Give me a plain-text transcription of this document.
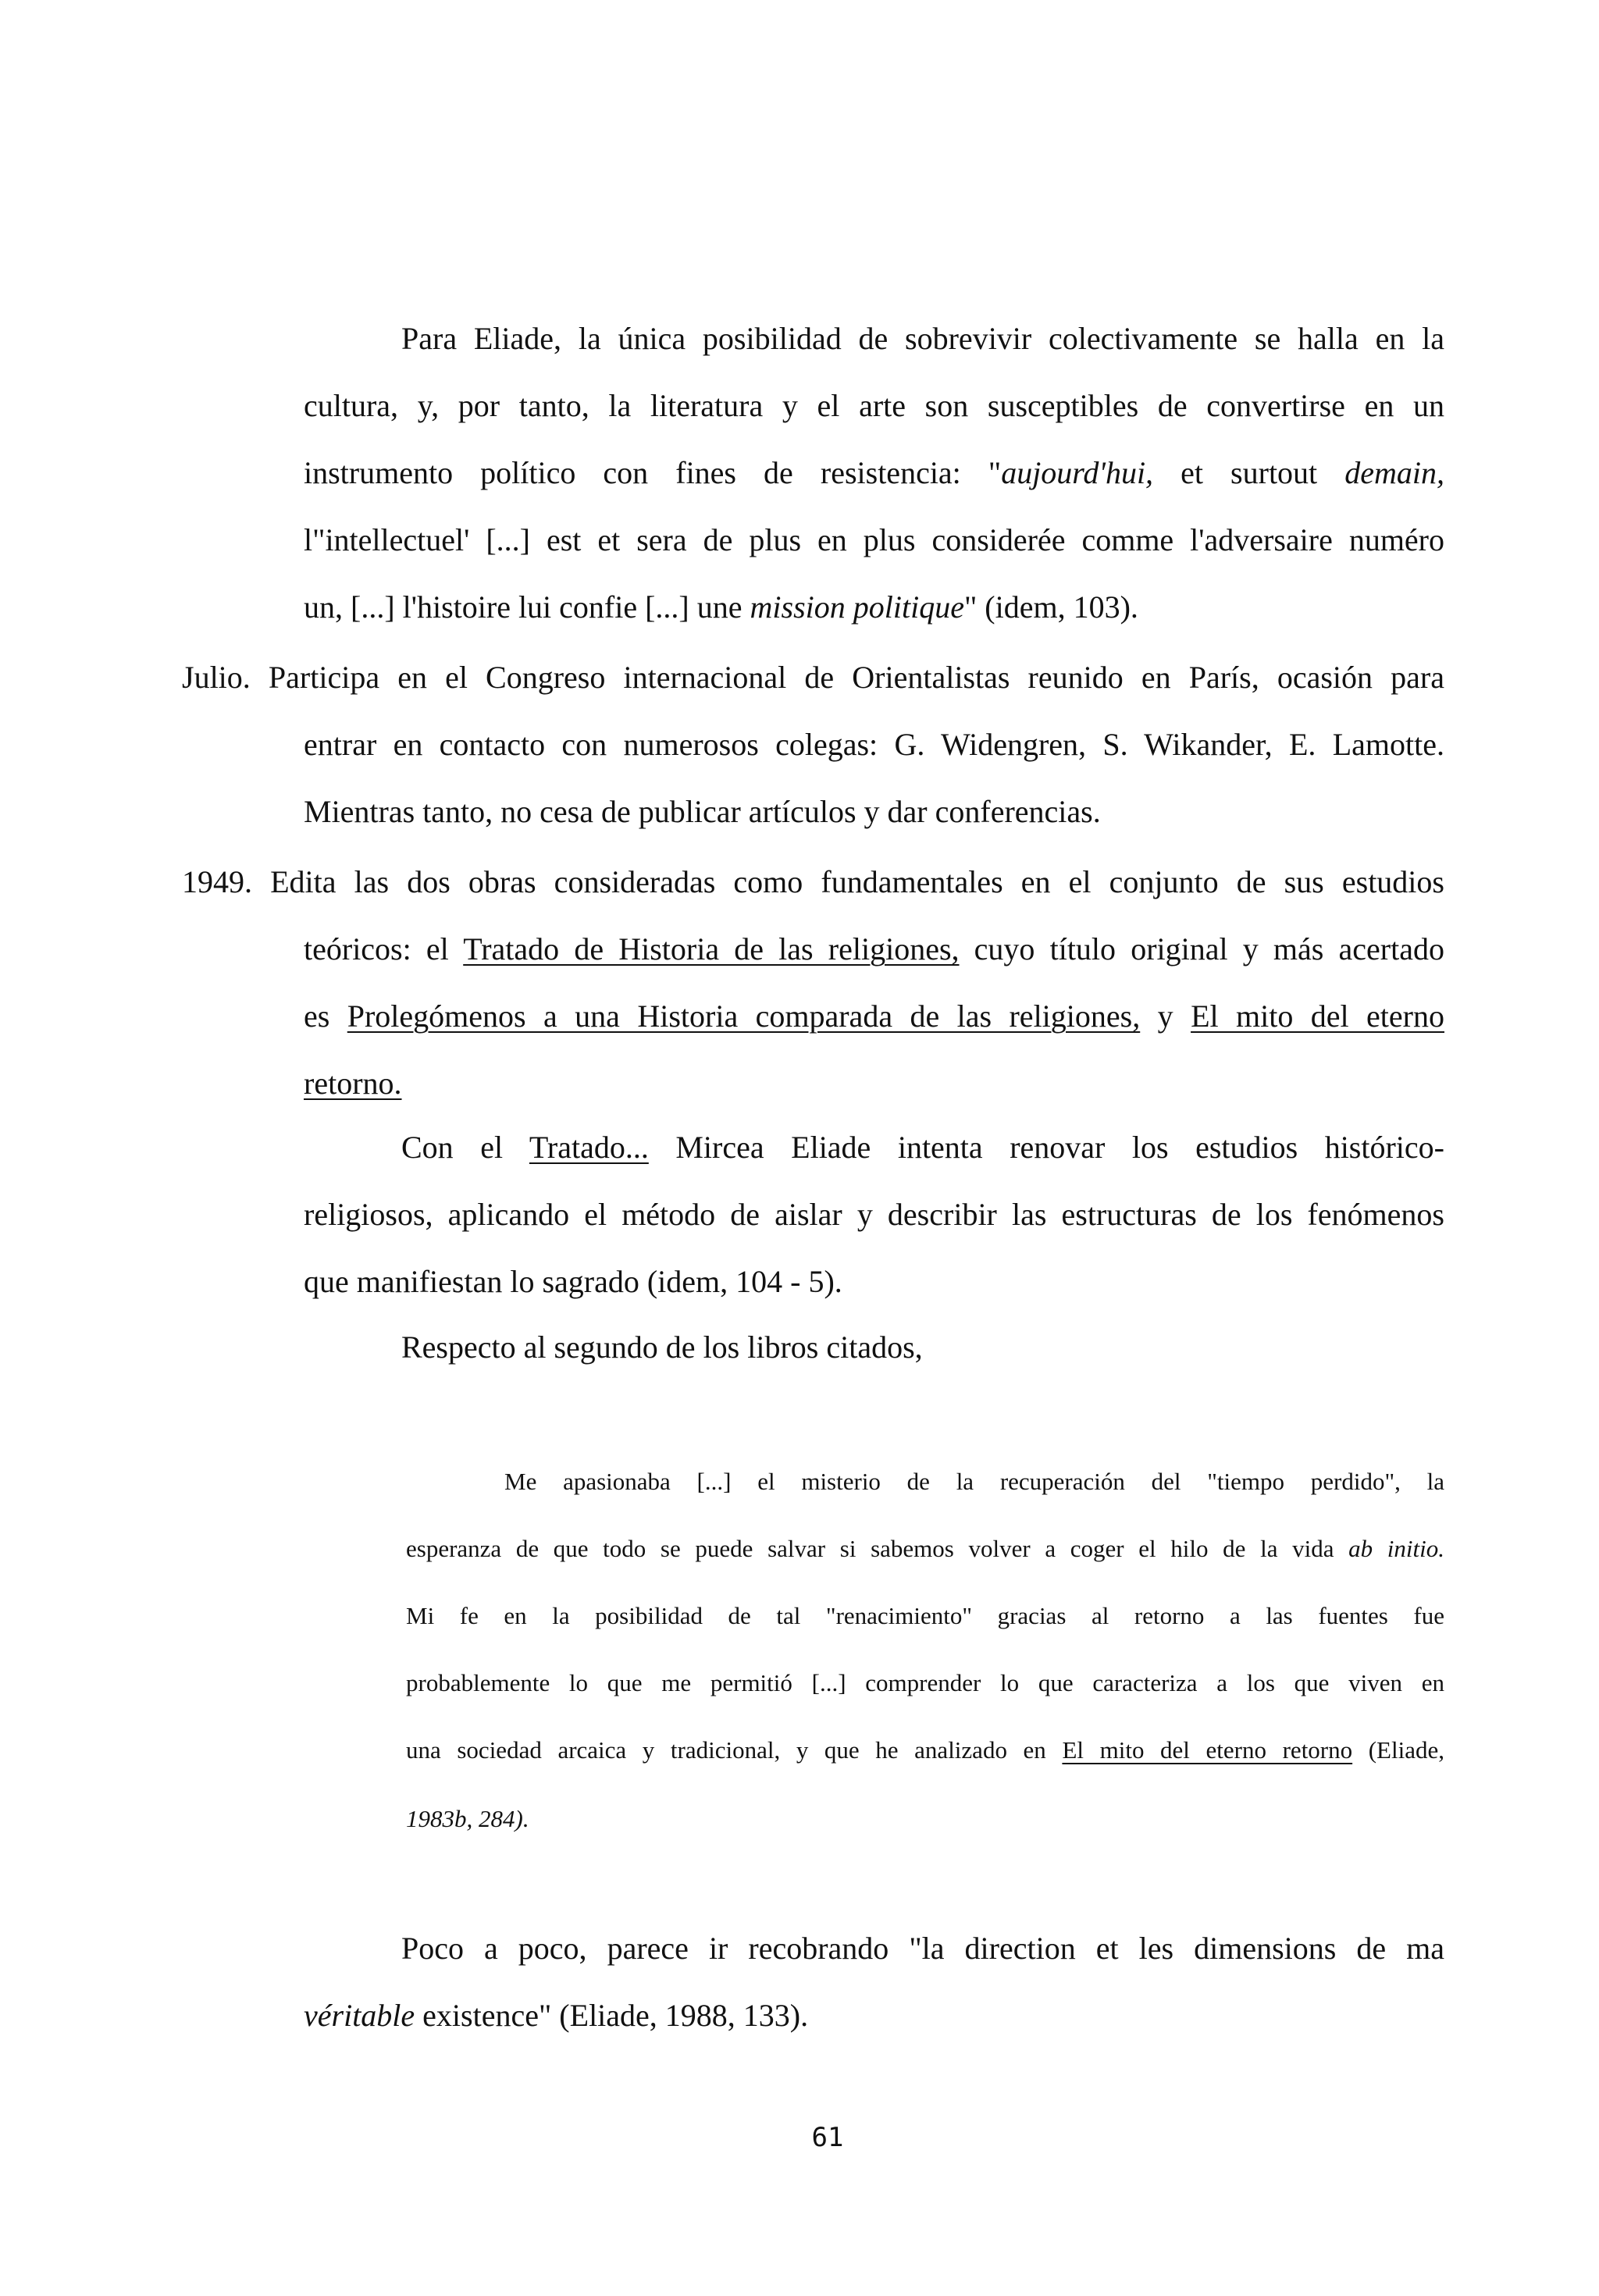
Para Eliade, la única posibilidad de sobrevivir colectivamente se halla en la
cultura, y, por tanto, la literatura y el arte son susceptibles de convertirse en un
instrumento político con fines de resistencia: "aujourd'hui, et surtout demain,
l"intellectuel' [...] est et sera de plus en plus considerée comme l'adversaire numéro
un, [...] l'histoire lui confie [...] une mission politique" (idem, 103).
Julio. Participa en el Congreso internacional de Orientalistas reunido en París, ocasión para
entrar en contacto con numerosos colegas: G. Widengren, S. Wikander, E. Lamotte.
Mientras tanto, no cesa de publicar artículos y dar conferencias.
1949. Edita las dos obras consideradas como fundamentales en el conjunto de sus estudios
teóricos: el Tratado de Historia de las religiones, cuyo título original y más acertado
es Prolegómenos a una Historia comparada de las religiones, y El mito del eterno
retorno.
Con el Tratado... Mircea Eliade intenta renovar los estudios histórico-
religiosos, aplicando el método de aislar y describir las estructuras de los fenómenos
que manifiestan lo sagrado (idem, 104 - 5).
Respecto al segundo de los libros citados,
Me apasionaba [...] el misterio de la recuperación del "tiempo perdido", la
esperanza de que todo se puede salvar si sabemos volver a coger el hilo de la vida ab initio.
Mi fe en la posibilidad de tal "renacimiento" gracias al retorno a las fuentes fue
probablemente lo que me permitió [...] comprender lo que caracteriza a los que viven en
una sociedad arcaica y tradicional, y que he analizado en El mito del eterno retorno (Eliade,
1983b, 284).
Poco a poco, parece ir recobrando "la direction et les dimensions de ma
véritable existence" (Eliade, 1988, 133).
61
